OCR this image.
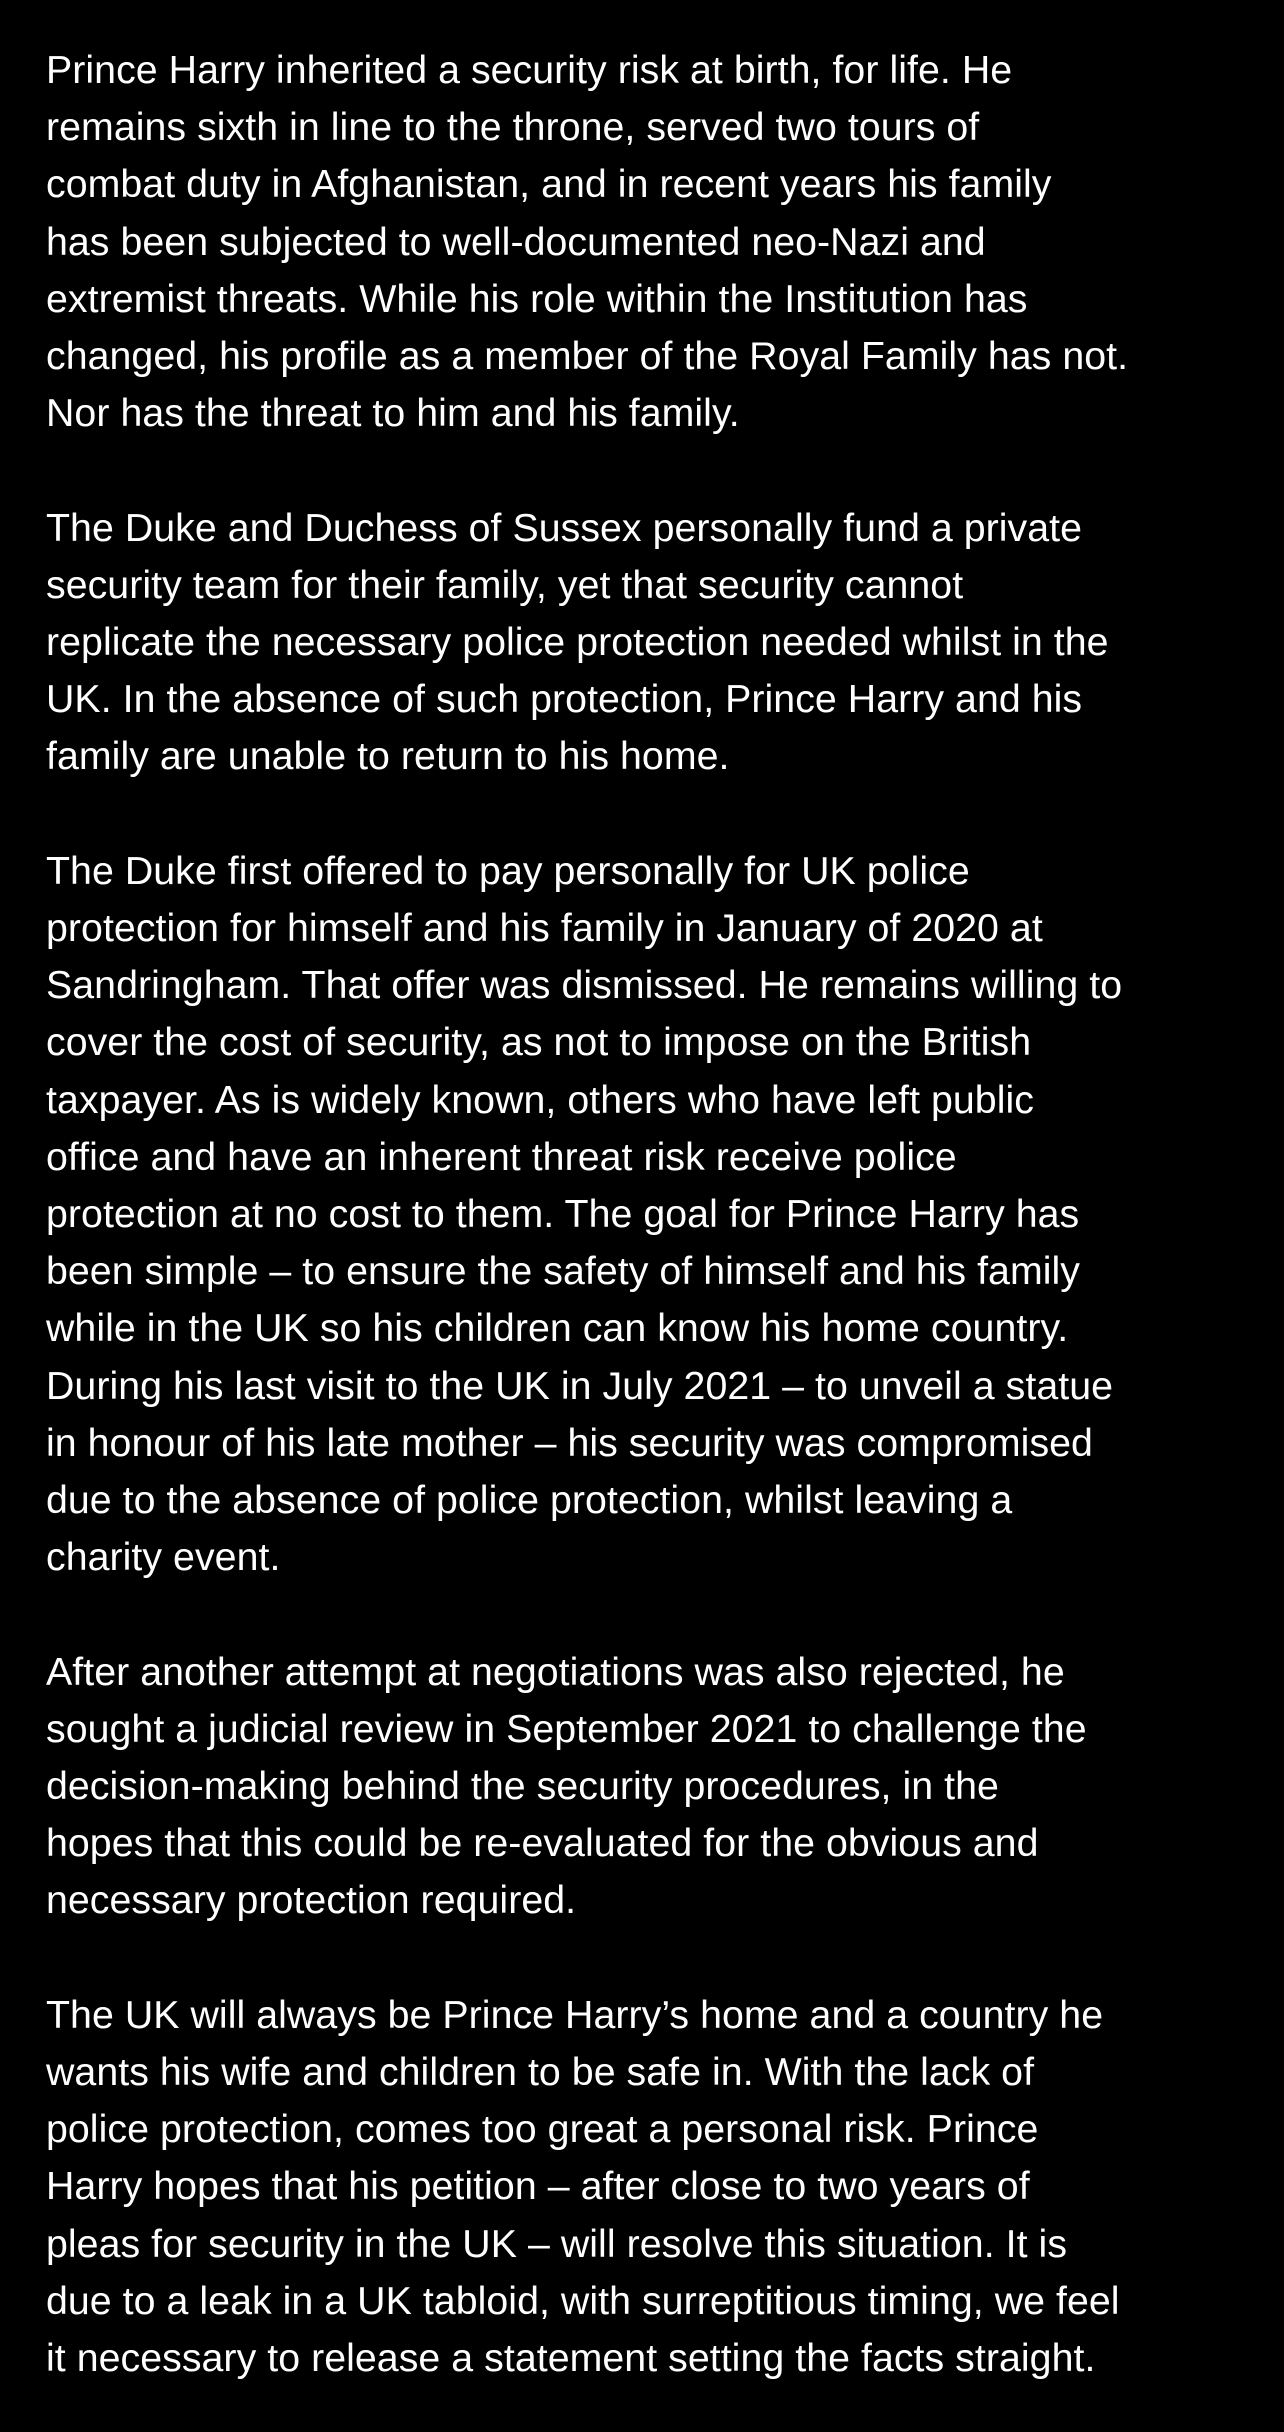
Prince Harry inherited a security risk at birth, for life. He
remains sixth in line to the throne, served two tours of
combat duty in Afghanistan, and in recent years his family
has been subjected to well-documented neo-Nazi and
extremist threats. While his role within the Institution has
changed, his profile as a member of the Royal Family has not.
Nor has the threat to him and his family.

The Duke and Duchess of Sussex personally fund a private
security team for their family, yet that security cannot
replicate the necessary police protection needed whilst in the
UK. In the absence of such protection, Prince Harry and his
family are unable to return to his home.

The Duke first offered to pay personally for UK police
protection for himself and his family in January of 2020 at
Sandringham. That offer was dismissed. He remains willing to
cover the cost of security, as not to impose on the British
taxpayer. As is widely known, others who have left public
office and have an inherent threat risk receive police
protection at no cost to them. The goal for Prince Harry has
been simple – to ensure the safety of himself and his family
while in the UK so his children can know his home country.
During his last visit to the UK in July 2021 – to unveil a statue
in honour of his late mother – his security was compromised
due to the absence of police protection, whilst leaving a
charity event.

After another attempt at negotiations was also rejected, he
sought a judicial review in September 2021 to challenge the
decision-making behind the security procedures, in the
hopes that this could be re-evaluated for the obvious and
necessary protection required.

The UK will always be Prince Harry’s home and a country he
wants his wife and children to be safe in. With the lack of
police protection, comes too great a personal risk. Prince
Harry hopes that his petition – after close to two years of
pleas for security in the UK – will resolve this situation. It is
due to a leak in a UK tabloid, with surreptitious timing, we feel
it necessary to release a statement setting the facts straight.
